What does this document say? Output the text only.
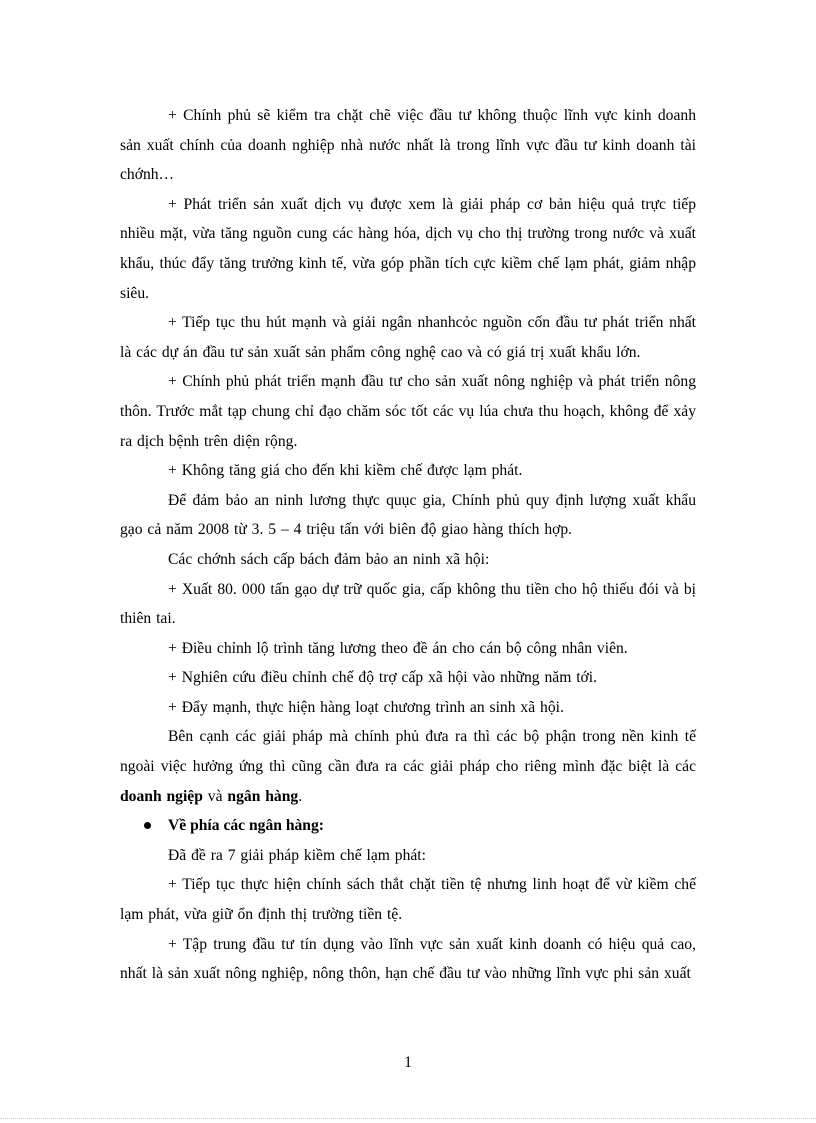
+ Chính phủ sẽ kiểm tra chặt chẽ việc đầu tư không thuộc lĩnh vực kinh doanh sản xuất chính của doanh nghiệp nhà nước nhất là trong lĩnh vực đầu tư kinh doanh tài chớnh…

+ Phát triển sản xuất dịch vụ được xem là giải pháp cơ bản hiệu quả trực tiếp nhiều mặt, vừa tăng nguồn cung các hàng hóa, dịch vụ cho thị trường trong nước và xuất khẩu, thúc đẩy tăng trưởng kinh tế, vừa góp phần tích cực kiềm chế lạm phát, giảm nhập siêu.

+ Tiếp tục thu hút mạnh và giải ngân nhanhcỏc nguồn cốn đầu tư phát triển nhất là các dự án đầu tư sản xuất sản phẩm công nghệ cao và có giá trị xuất khẩu lớn.

+ Chính phủ phát triển mạnh đầu tư cho sản xuất nông nghiệp và phát triển nông thôn. Trước mắt tạp chung chỉ đạo chăm sóc tốt các vụ lúa chưa thu hoạch, không để xảy ra dịch bệnh trên diện rộng.

+ Không tăng giá cho đến khi kiềm chế được lạm phát.

Để đảm bảo an ninh lương thực quục gia, Chính phủ quy định lượng xuất khẩu gạo cả năm 2008 từ 3. 5 – 4 triệu tấn với biên độ giao hàng thích hợp.

Các chớnh sách cấp bách đảm bảo an ninh xã hội:

+ Xuất 80. 000 tấn gạo dự trữ quốc gia, cấp không thu tiền cho hộ thiếu đói và bị thiên tai.

+ Điều chỉnh lộ trình tăng lương theo đề án cho cán bộ công nhân viên.

+ Nghiên cứu điều chỉnh chế độ trợ cấp xã hội vào những năm tới.

+ Đẩy mạnh, thực hiện hàng loạt chương trình an sinh xã hội.

Bên cạnh các giải pháp mà chính phủ đưa ra thì các bộ phận trong nền kinh tế ngoài việc hưởng ứng thì cũng cần đưa ra các giải pháp cho riêng mình đặc biệt là các doanh ngiệp và ngân hàng.

Về phía các ngân hàng:

Đã đề ra 7 giải pháp kiềm chế lạm phát:

+ Tiếp tục thực hiện chính sách thắt chặt tiền tệ nhưng linh hoạt để vừ kiềm chế lạm phát, vừa giữ ổn định thị trường tiền tệ.

+ Tập trung đầu tư tín dụng vào lĩnh vực sản xuất kinh doanh có hiệu quả cao, nhất là sản xuất nông nghiệp, nông thôn, hạn chế đầu tư vào những lĩnh vực phi sản xuất

1
